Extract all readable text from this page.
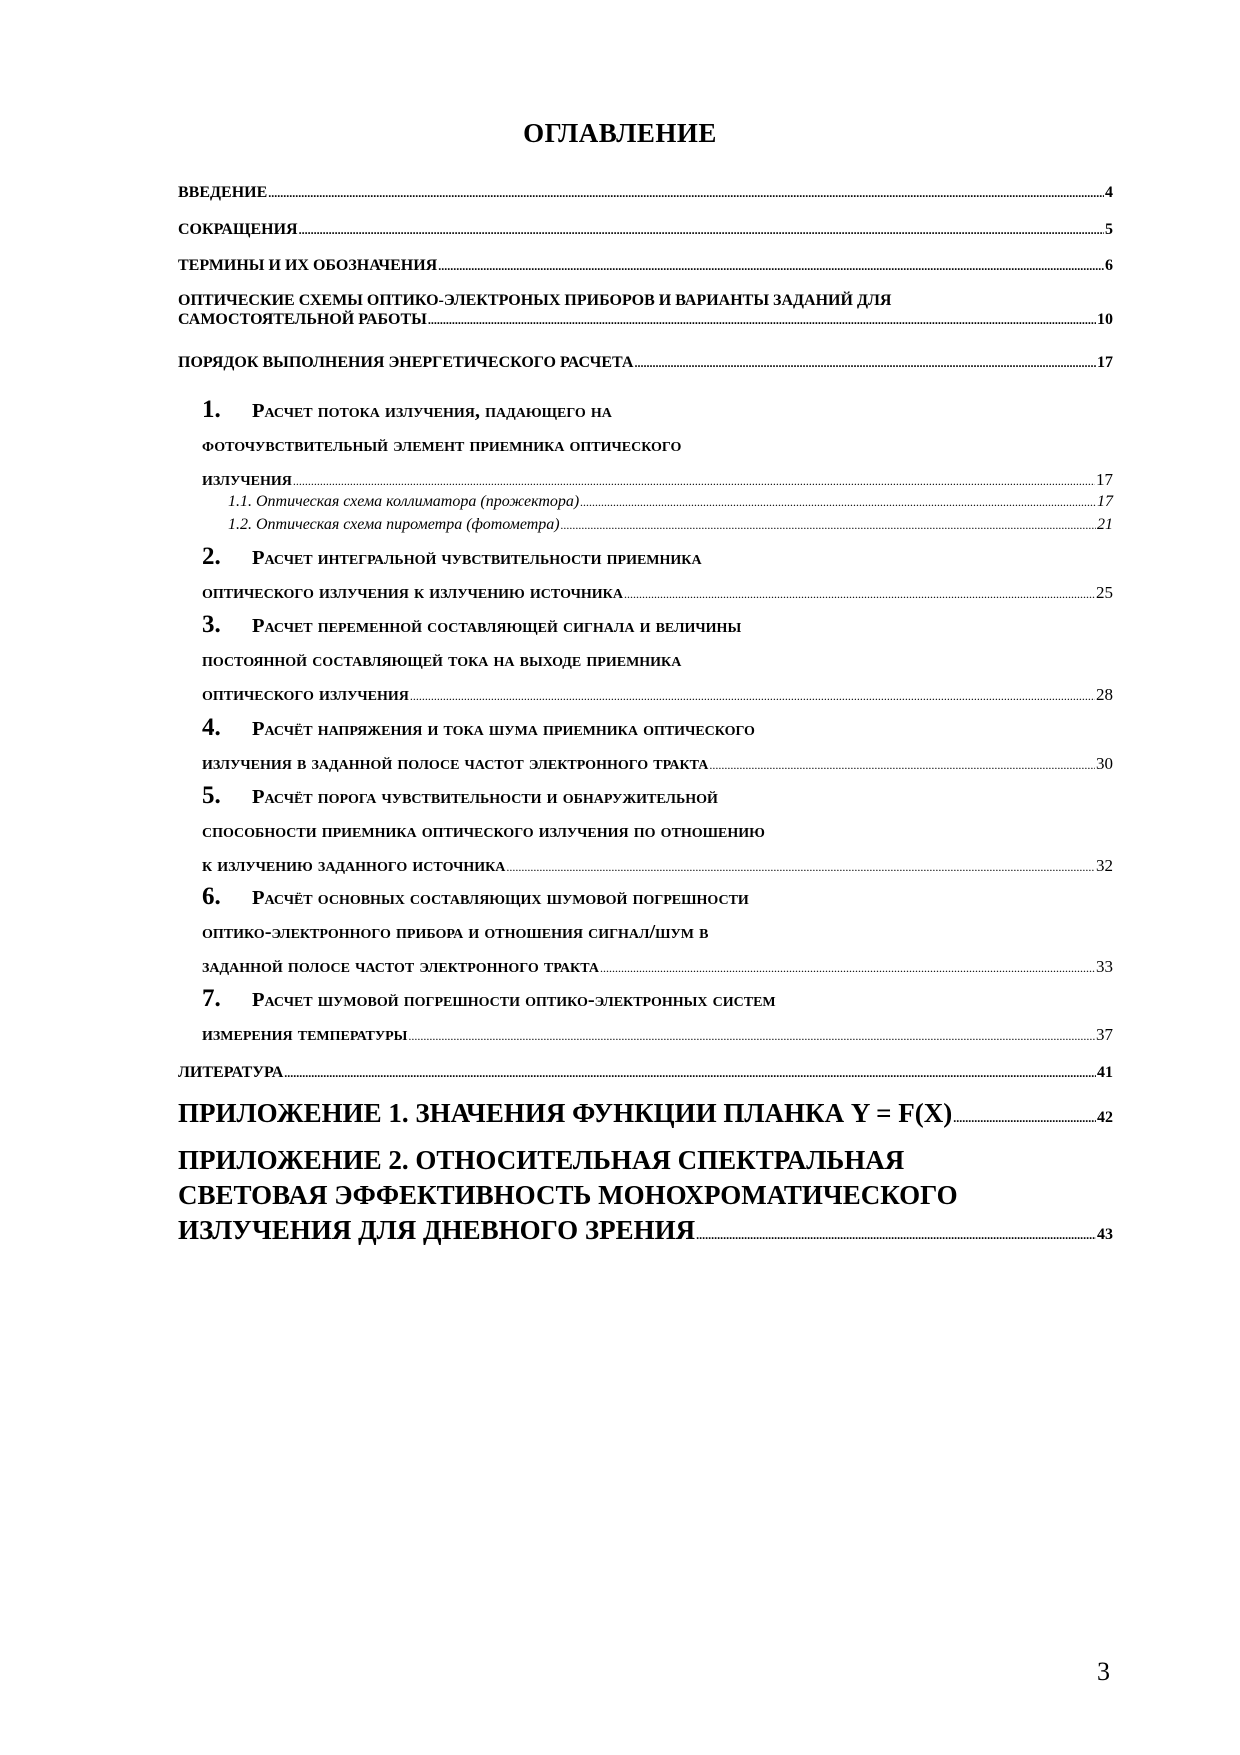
ОГЛАВЛЕНИЕ
ВВЕДЕНИЕ .....	4
СОКРАЩЕНИЯ .....	5
ТЕРМИНЫ И ИХ ОБОЗНАЧЕНИЯ .....	6
ОПТИЧЕСКИЕ СХЕМЫ ОПТИКО-ЭЛЕКТРОНЫХ ПРИБОРОВ И ВАРИАНТЫ ЗАДАНИЙ ДЛЯ
САМОСТОЯТЕЛЬНОЙ РАБОТЫ .....	10
ПОРЯДОК ВЫПОЛНЕНИЯ ЭНЕРГЕТИЧЕСКОГО РАСЧЕТА .....	17
1. Расчет потока излучения, падающего на
фоточувствительный элемент приемника оптического
излучения .....	17
1.1. Оптическая схема коллиматора (прожектора) .....	17
1.2. Оптическая схема пирометра (фотометра) .....	21
2. Расчет интегральной чувствительности приемника
оптического излучения к излучению источника .....	25
3. Расчет переменной составляющей сигнала и величины
постоянной составляющей тока на выходе приемника
оптического излучения .....	28
4. Расчёт напряжения и тока шума приемника оптического
излучения в заданной полосе частот электронного тракта .....	30
5. Расчёт порога чувствительности и обнаружительной
способности приемника оптического излучения по отношению
к излучению заданного источника .....	32
6. Расчёт основных составляющих шумовой погрешности
оптико-электронного прибора и отношения сигнал/шум в
заданной полосе частот электронного тракта .....	33
7. Расчет шумовой погрешности оптико-электронных систем
измерения температуры .....	37
ЛИТЕРАТУРА .....	41
ПРИЛОЖЕНИЕ 1. ЗНАЧЕНИЯ ФУНКЦИИ ПЛАНКА Y = F(X) .....	42
ПРИЛОЖЕНИЕ 2. ОТНОСИТЕЛЬНАЯ СПЕКТРАЛЬНАЯ
СВЕТОВАЯ ЭФФЕКТИВНОСТЬ МОНОХРОМАТИЧЕСКОГО
ИЗЛУЧЕНИЯ ДЛЯ ДНЕВНОГО ЗРЕНИЯ .....	43
3
